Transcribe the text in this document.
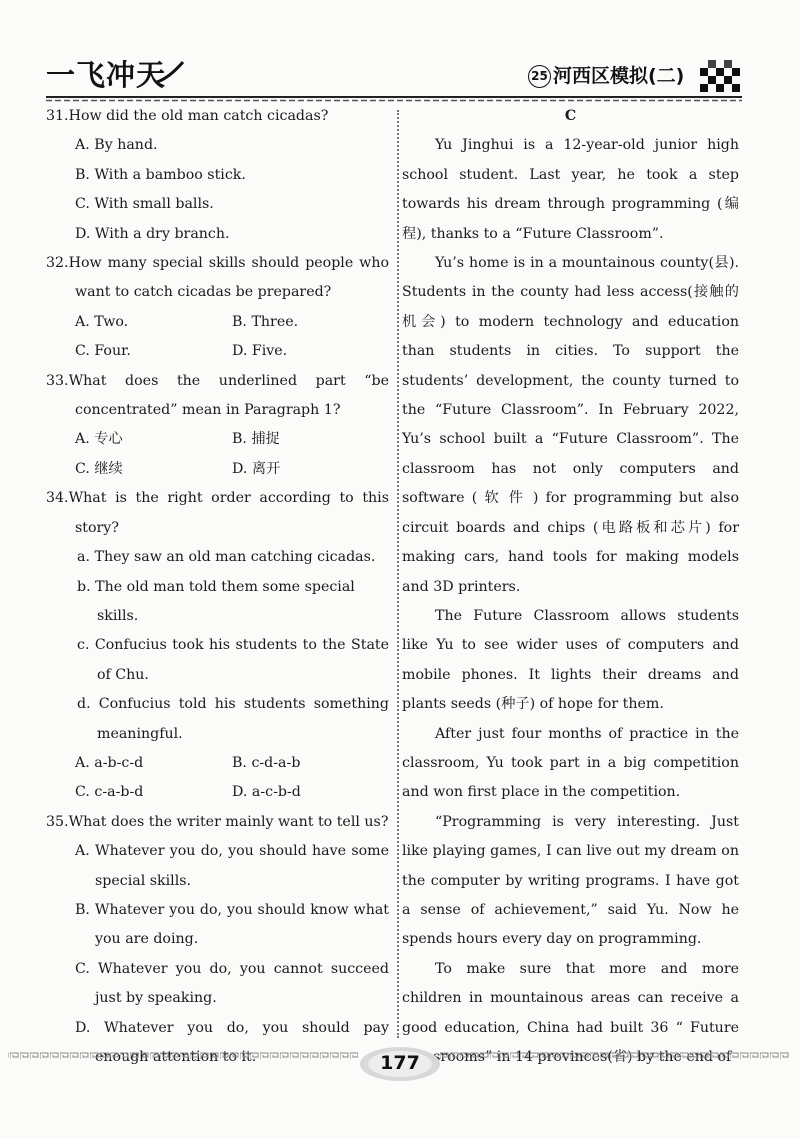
一飞冲天	25 河西区模拟(二)

31.How did the old man catch cicadas?

A. By hand.

B. With a bamboo stick.

C. With small balls.

D. With a dry branch.

32.How many special skills should people who want to catch cicadas be prepared?

A. Two.	B. Three.
C. Four.	D. Five.

33.What does the underlined part “be concentrated” mean in Paragraph 1?

A. 专心	B. 捕捉
C. 继续	D. 离开

34.What is the right order according to this story?

a. They saw an old man catching cicadas.

b. The old man told them some special skills.

c. Confucius took his students to the State of Chu.

d. Confucius told his students something meaningful.

A. a-b-c-d	B. c-d-a-b
C. c-a-b-d	D. a-c-b-d

35.What does the writer mainly want to tell us?

A. Whatever you do, you should have some special skills.

B. Whatever you do, you should know what you are doing.

C. Whatever you do, you cannot succeed just by speaking.

D. Whatever you do, you should pay

C

Yu Jinghui is a 12-year-old junior high school student. Last year, he took a step towards his dream through programming (编程), thanks to a “Future Classroom”.

Yu’s home is in a mountainous county(县). Students in the county had less access(接触的机会) to modern technology and education than students in cities. To support the students’ development, the county turned to the “Future Classroom”. In February 2022, Yu’s school built a “Future Classroom”. The classroom has not only computers and software ( 软 件 ) for programming but also circuit boards and chips (电路板和芯片) for making cars, hand tools for making models and 3D printers.

The Future Classroom allows students like Yu to see wider uses of computers and mobile phones. It lights their dreams and plants seeds (种子) of hope for them.

After just four months of practice in the classroom, Yu took part in a big competition and won first place in the competition.

“Programming is very interesting. Just like playing games, I can live out my dream on the computer by writing programs. I have got a sense of achievement,” said Yu. Now he spends hours every day on programming.

To make sure that more and more children in mountainous areas can receive a good education, China had built 36 “ Future

177
